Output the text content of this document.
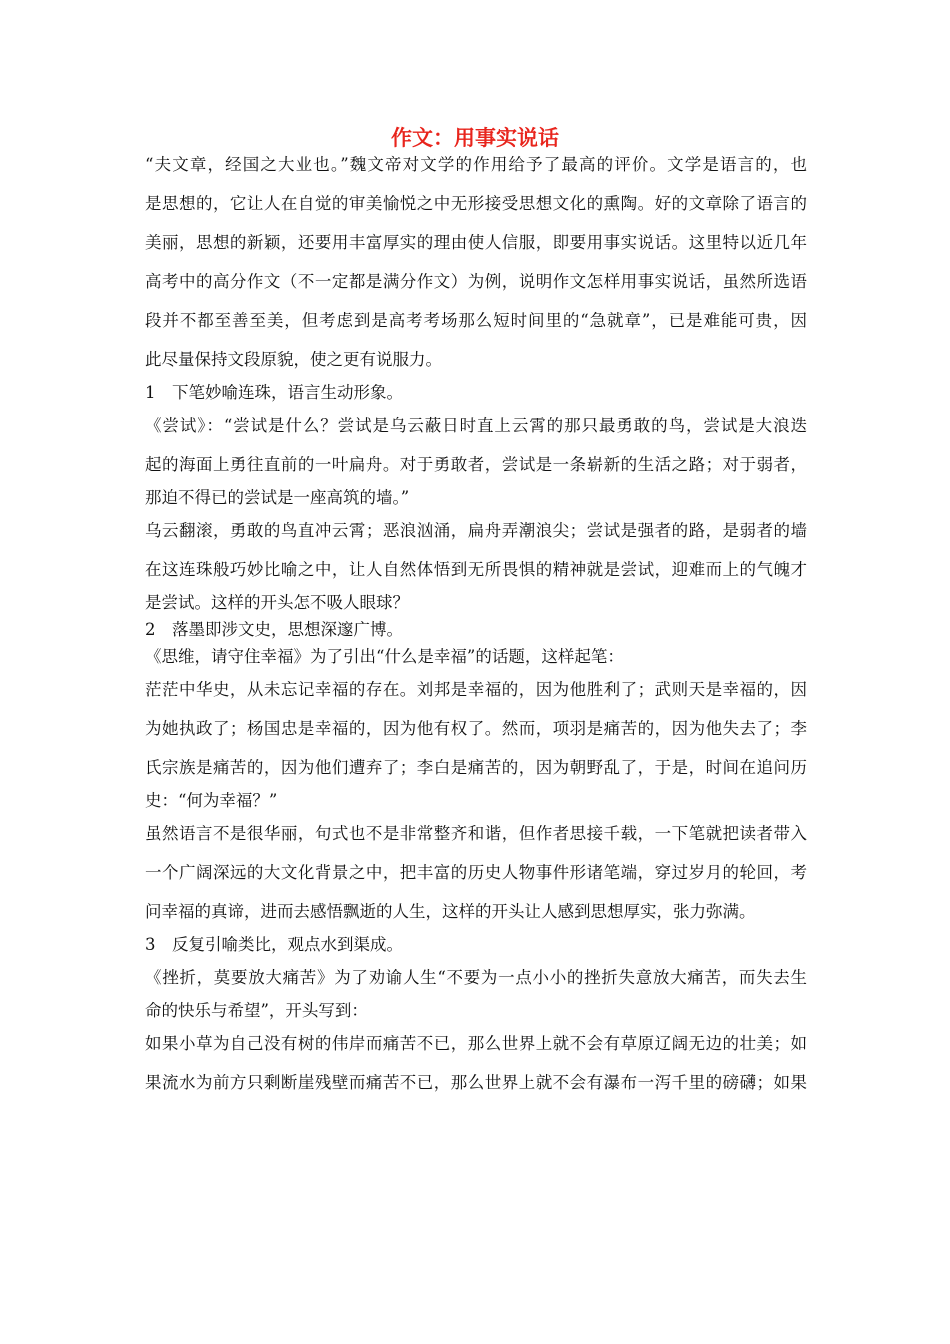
作文：用事实说话
“夫文章，经国之大业也。”魏文帝对文学的作用给予了最高的评价。文学是语言的，也
是思想的，它让人在自觉的审美愉悦之中无形接受思想文化的熏陶。好的文章除了语言的
美丽，思想的新颖，还要用丰富厚实的理由使人信服，即要用事实说话。这里特以近几年
高考中的高分作文（不一定都是满分作文）为例，说明作文怎样用事实说话，虽然所选语
段并不都至善至美，但考虑到是高考考场那么短时间里的“急就章”，已是难能可贵，因
此尽量保持文段原貌，使之更有说服力。
1　下笔妙喻连珠，语言生动形象。
《尝试》：“尝试是什么？尝试是乌云蔽日时直上云霄的那只最勇敢的鸟，尝试是大浪迭
起的海面上勇往直前的一叶扁舟。对于勇敢者，尝试是一条崭新的生活之路；对于弱者，
那迫不得已的尝试是一座高筑的墙。”
乌云翻滚，勇敢的鸟直冲云霄；恶浪汹涌，扁舟弄潮浪尖；尝试是强者的路，是弱者的墙
在这连珠般巧妙比喻之中，让人自然体悟到无所畏惧的精神就是尝试，迎难而上的气魄才
是尝试。这样的开头怎不吸人眼球？
2　落墨即涉文史，思想深邃广博。
《思维，请守住幸福》为了引出“什么是幸福”的话题，这样起笔：
茫茫中华史，从未忘记幸福的存在。刘邦是幸福的，因为他胜利了；武则天是幸福的，因
为她执政了；杨国忠是幸福的，因为他有权了。然而，项羽是痛苦的，因为他失去了；李
氏宗族是痛苦的，因为他们遭弃了；李白是痛苦的，因为朝野乱了，于是，时间在追问历
史：“何为幸福？”
虽然语言不是很华丽，句式也不是非常整齐和谐，但作者思接千载，一下笔就把读者带入
一个广阔深远的大文化背景之中，把丰富的历史人物事件形诸笔端，穿过岁月的轮回，考
问幸福的真谛，进而去感悟飘逝的人生，这样的开头让人感到思想厚实，张力弥满。
3　反复引喻类比，观点水到渠成。
《挫折，莫要放大痛苦》为了劝谕人生“不要为一点小小的挫折失意放大痛苦，而失去生
命的快乐与希望”，开头写到：
如果小草为自己没有树的伟岸而痛苦不已，那么世界上就不会有草原辽阔无边的壮美；如
果流水为前方只剩断崖残壁而痛苦不已，那么世界上就不会有瀑布一泻千里的磅礴；如果
